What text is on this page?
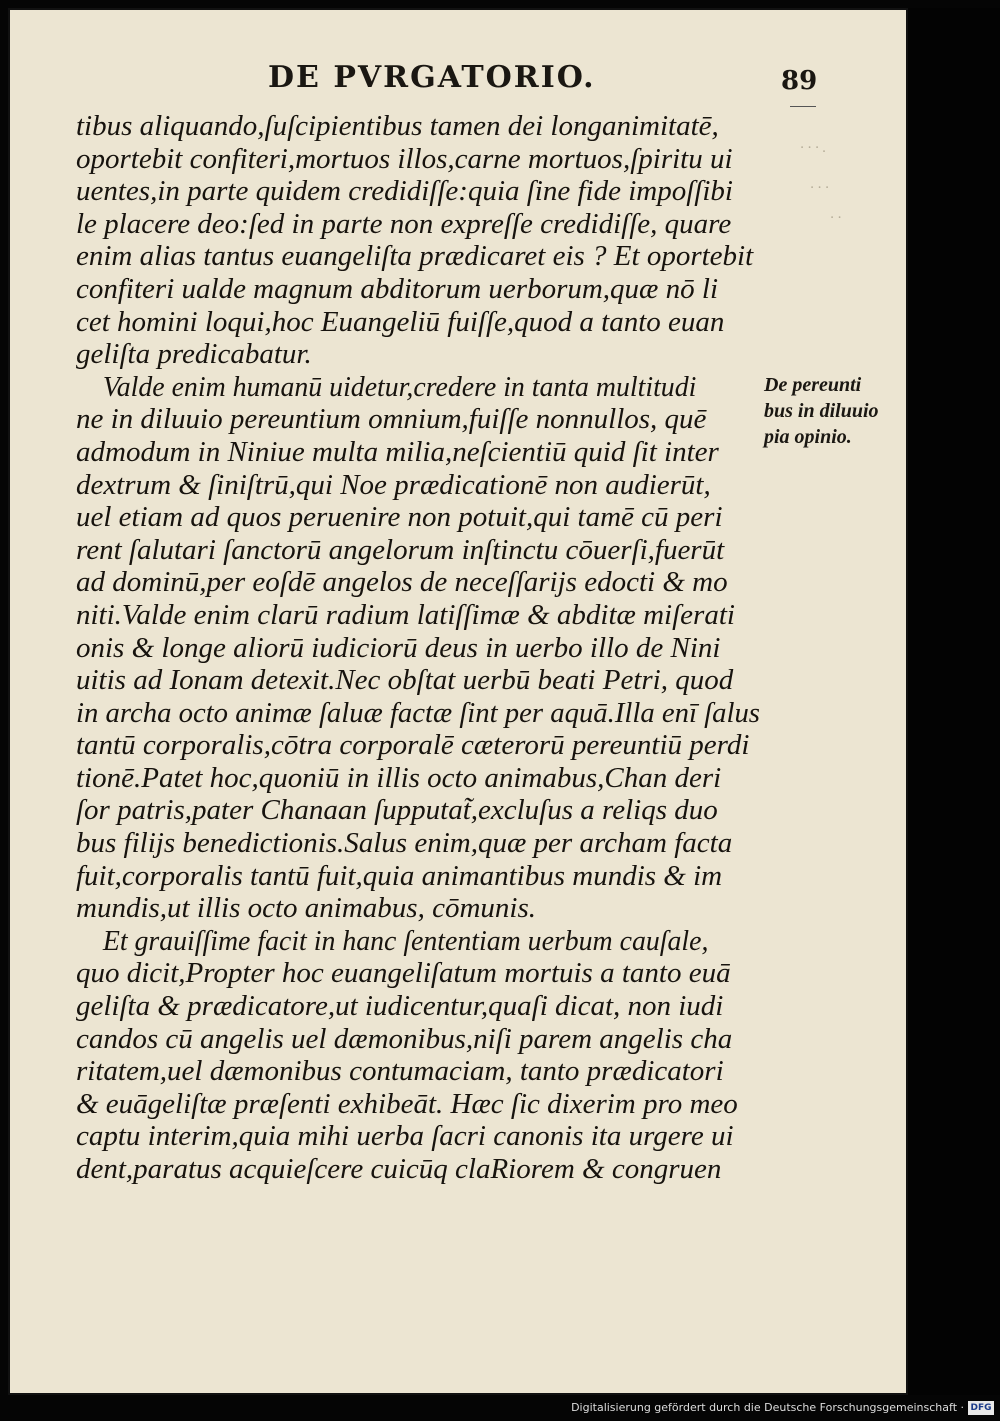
DE PVRGATORIO.	89
· · · .
· · ·
· ·
tibus aliquando,ſuſcipientibus tamen dei longanimitatē,
oportebit confiteri,mortuos illos,carne mortuos,ſpiritu ui
uentes,in parte quidem credidiſſe:quia ſine fide impoſſibi
le placere deo:ſed in parte non expreſſe credidiſſe, quare
enim alias tantus euangeliſta prædicaret eis ? Et oportebit
confiteri ualde magnum abditorum uerborum,quæ nō li
cet homini loqui,hoc Euangeliū fuiſſe,quod a tanto euan
geliſta predicabatur.
Valde enim humanū uidetur,credere in tanta multitudi
ne in diluuio pereuntium omnium,fuiſſe nonnullos, quē
admodum in Niniue multa milia,neſcientiū quid ſit inter
dextrum & ſiniſtrū,qui Noe prædicationē non audierūt,
uel etiam ad quos peruenire non potuit,qui tamē cū peri
rent ſalutari ſanctorū angelorum inſtinctu cōuerſi,fuerūt
ad dominū,per eoſdē angelos de neceſſarijs edocti & mo
niti.Valde enim clarū radium latiſſimæ & abditæ miſerati
onis & longe aliorū iudiciorū deus in uerbo illo de Nini
uitis ad Ionam detexit.Nec obſtat uerbū beati Petri, quod
in archa octo animæ ſaluæ factæ ſint per aquā.Illa enī ſalus
tantū corporalis,cōtra corporalē cæterorū pereuntiū perdi
tionē.Patet hoc,quoniū in illis octo animabus,Chan deri
ſor patris,pater Chanaan ſupputat̃,excluſus a reliqs duo
bus filijs benedictionis.Salus enim,quæ per archam facta
fuit,corporalis tantū fuit,quia animantibus mundis & im
mundis,ut illis octo animabus, cōmunis.
Et grauiſſime facit in hanc ſententiam uerbum cauſale,
quo dicit,Propter hoc euangeliſatum mortuis a tanto euā
geliſta & prædicatore,ut iudicentur,quaſi dicat, non iudi
candos cū angelis uel dæmonibus,niſi parem angelis cha
ritatem,uel dæmonibus contumaciam, tanto prædicatori
& euāgeliſtæ præſenti exhibeāt. Hæc ſic dixerim pro meo
captu interim,quia mihi uerba ſacri canonis ita urgere ui
dent,paratus acquieſcere cuicūq claRiorem & congruen
De pereunti
bus in diluuio
pia opinio.
Digitalisierung gefördert durch die Deutsche Forschungsgemeinschaft · DFG
